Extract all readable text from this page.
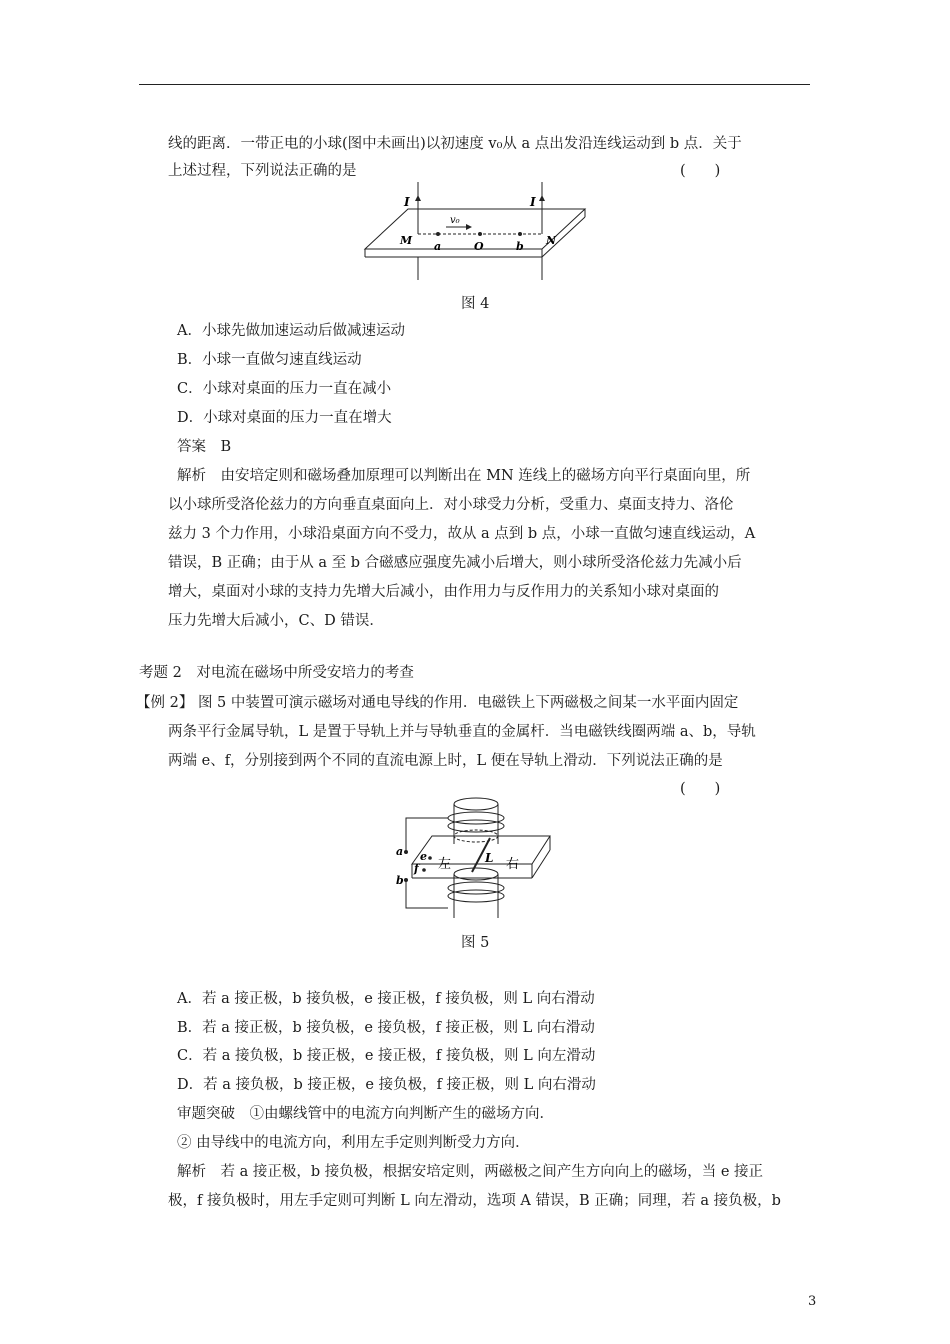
线的距离．一带正电的小球(图中未画出)以初速度 v₀从 a 点出发沿连线运动到 b 点．关于
上述过程，下列说法正确的是	(　　)
I	I
v₀
M	N
a	O	b
图 4
A．小球先做加速运动后做减速运动
B．小球一直做匀速直线运动
C．小球对桌面的压力一直在减小
D．小球对桌面的压力一直在增大
答案　B
解析　由安培定则和磁场叠加原理可以判断出在 MN 连线上的磁场方向平行桌面向里，所
以小球所受洛伦兹力的方向垂直桌面向上．对小球受力分析，受重力、桌面支持力、洛伦
兹力 3 个力作用，小球沿桌面方向不受力，故从 a 点到 b 点，小球一直做匀速直线运动，A
错误，B 正确；由于从 a 至 b 合磁感应强度先减小后增大，则小球所受洛伦兹力先减小后
增大，桌面对小球的支持力先增大后减小，由作用力与反作用力的关系知小球对桌面的
压力先增大后减小，C、D 错误．
考题 2　对电流在磁场中所受安培力的考查
【例 2】 图 5 中装置可演示磁场对通电导线的作用．电磁铁上下两磁极之间某一水平面内固定
两条平行金属导轨，L 是置于导轨上并与导轨垂直的金属杆．当电磁铁线圈两端 a、b，导轨
两端 e、f，分别接到两个不同的直流电源上时，L 便在导轨上滑动．下列说法正确的是
(　　)
a
b
e
f 左	L 右
图 5
A．若 a 接正极，b 接负极，e 接正极，f 接负极，则 L 向右滑动
B．若 a 接正极，b 接负极，e 接负极，f 接正极，则 L 向右滑动
C．若 a 接负极，b 接正极，e 接正极，f 接负极，则 L 向左滑动
D．若 a 接负极，b 接正极，e 接负极，f 接正极，则 L 向右滑动
审题突破　①由螺线管中的电流方向判断产生的磁场方向．
② 由导线中的电流方向，利用左手定则判断受力方向．
解析　若 a 接正极，b 接负极，根据安培定则，两磁极之间产生方向向上的磁场，当 e 接正
极，f 接负极时，用左手定则可判断 L 向左滑动，选项 A 错误，B 正确；同理，若 a 接负极，b
3
